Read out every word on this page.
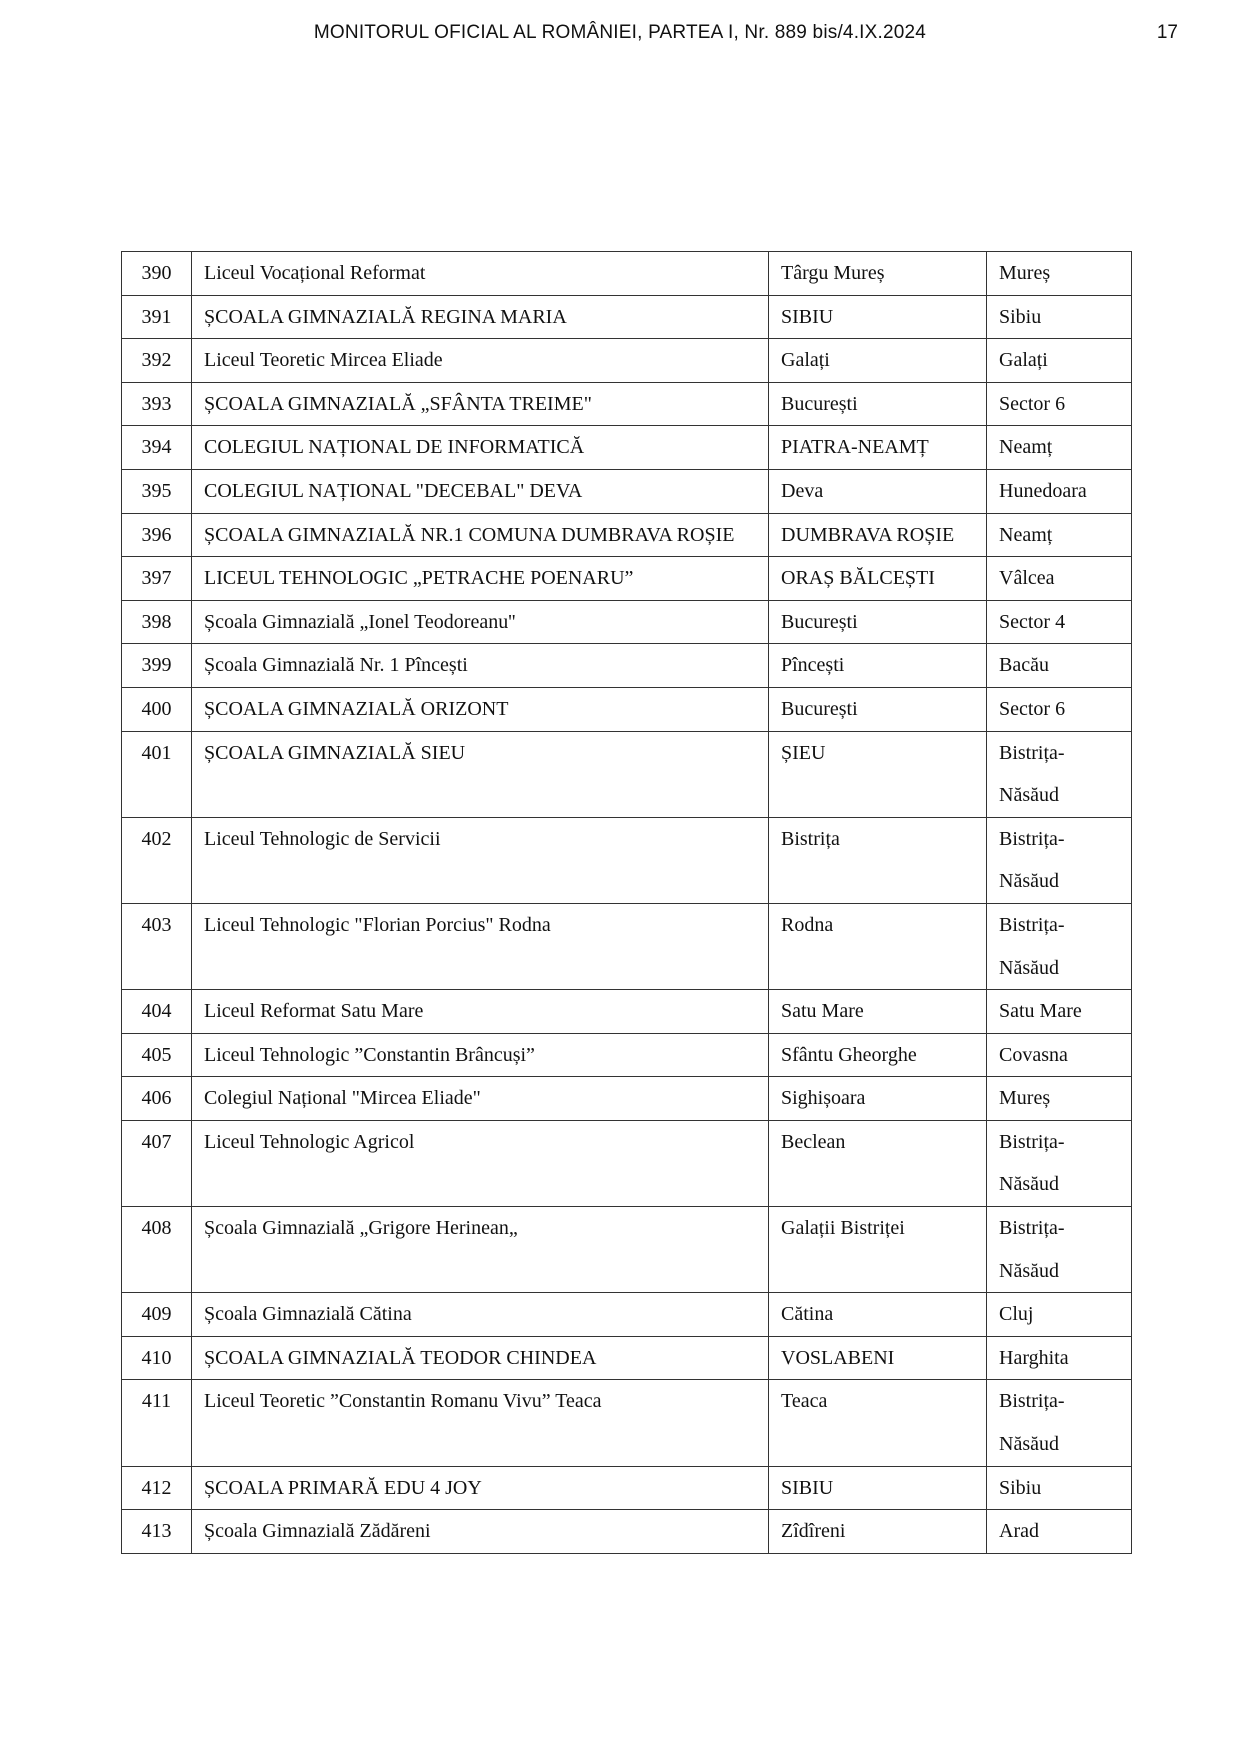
MONITORUL OFICIAL AL ROMÂNIEI, PARTEA I, Nr. 889 bis/4.IX.2024	17
390	Liceul Vocațional Reformat	Târgu Mureș	Mureș
391	ȘCOALA GIMNAZIALĂ REGINA MARIA	SIBIU	Sibiu
392	Liceul Teoretic Mircea Eliade	Galați	Galați
393	ȘCOALA GIMNAZIALĂ „SFÂNTA TREIME"	București	Sector 6
394	COLEGIUL NAȚIONAL DE INFORMATICĂ	PIATRA-NEAMȚ	Neamț
395	COLEGIUL NAȚIONAL "DECEBAL" DEVA	Deva	Hunedoara
396	ȘCOALA GIMNAZIALĂ NR.1 COMUNA DUMBRAVA ROȘIE	DUMBRAVA ROȘIE	Neamț
397	LICEUL TEHNOLOGIC „PETRACHE POENARU”	ORAȘ BĂLCEȘTI	Vâlcea
398	Școala Gimnazială „Ionel Teodoreanu''	București	Sector 4
399	Școala Gimnazială Nr. 1 Pîncești	Pîncești	Bacău
400	ȘCOALA GIMNAZIALĂ ORIZONT	București	Sector 6
401	ȘCOALA GIMNAZIALĂ SIEU	ȘIEU	Bistrița-Năsăud
402	Liceul Tehnologic de Servicii	Bistrița	Bistrița-Năsăud
403	Liceul Tehnologic "Florian Porcius" Rodna	Rodna	Bistrița-Năsăud
404	Liceul Reformat Satu Mare	Satu Mare	Satu Mare
405	Liceul Tehnologic ”Constantin Brâncuși”	Sfântu Gheorghe	Covasna
406	Colegiul Național "Mircea Eliade"	Sighișoara	Mureș
407	Liceul Tehnologic Agricol	Beclean	Bistrița-Năsăud
408	Școala Gimnazială „Grigore Herinean„	Galații Bistriței	Bistrița-Năsăud
409	Școala Gimnazială Cătina	Cătina	Cluj
410	ȘCOALA GIMNAZIALĂ TEODOR CHINDEA	VOSLABENI	Harghita
411	Liceul Teoretic ”Constantin Romanu Vivu” Teaca	Teaca	Bistrița-Năsăud
412	ȘCOALA PRIMARĂ EDU 4 JOY	SIBIU	Sibiu
413	Școala Gimnazială Zădăreni	Zîdîreni	Arad
